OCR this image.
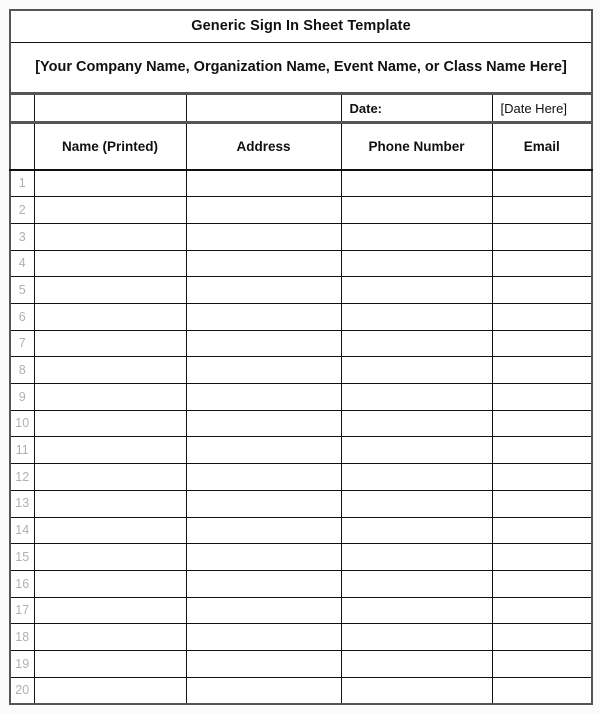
Generic Sign In Sheet Template				
[Your Company Name, Organization Name, Event Name, or Class Name Here]				

			Date:	[Date Here]

	Name (Printed)	Address	Phone Number	Email

1				

2				

3				

4				

5				

6				

7				

8				

9				

10				

11				

12				

13				

14				

15				

16				

17				

18				

19				

20				
